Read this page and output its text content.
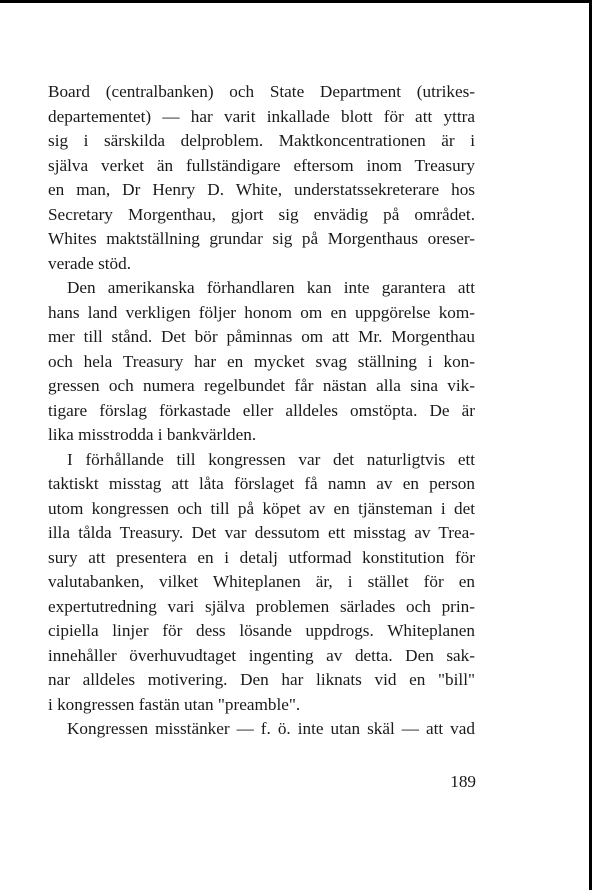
Board (centralbanken) och State Department (utrikes-
departementet) — har varit inkallade blott för att yttra
sig i särskilda delproblem. Maktkoncentrationen är i
själva verket än fullständigare eftersom inom Treasury
en man, Dr Henry D. White, understatssekreterare hos
Secretary Morgenthau, gjort sig envädig på området.
Whites maktställning grundar sig på Morgenthaus oreser-
verade stöd.
Den amerikanska förhandlaren kan inte garantera att
hans land verkligen följer honom om en uppgörelse kom-
mer till stånd. Det bör påminnas om att Mr. Morgenthau
och hela Treasury har en mycket svag ställning i kon-
gressen och numera regelbundet får nästan alla sina vik-
tigare förslag förkastade eller alldeles omstöpta. De är
lika misstrodda i bankvärlden.
I förhållande till kongressen var det naturligtvis ett
taktiskt misstag att låta förslaget få namn av en person
utom kongressen och till på köpet av en tjänsteman i det
illa tålda Treasury. Det var dessutom ett misstag av Trea-
sury att presentera en i detalj utformad konstitution för
valutabanken, vilket Whiteplanen är, i stället för en
expertutredning vari själva problemen särlades och prin-
cipiella linjer för dess lösande uppdrogs. Whiteplanen
innehåller överhuvudtaget ingenting av detta. Den sak-
nar alldeles motivering. Den har liknats vid en "bill"
i kongressen fastän utan "preamble".
Kongressen misstänker — f. ö. inte utan skäl — att vad
189
